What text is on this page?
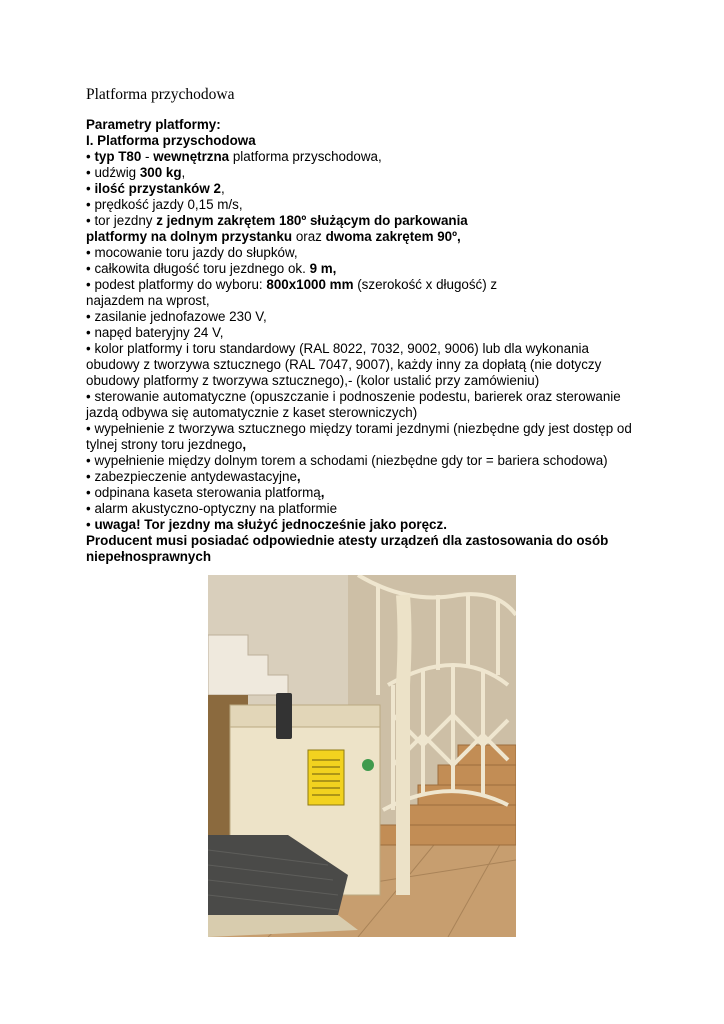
Platforma przychodowa
Parametry platformy:
I. Platforma przyschodowa
• typ T80 - wewnętrzna platforma przyschodowa,
• udźwig 300 kg,
• ilość przystanków 2,
• prędkość jazdy 0,15 m/s,
• tor jezdny z jednym zakrętem 180º służącym do parkowania
platformy na dolnym przystanku oraz dwoma zakrętem 90º,
• mocowanie toru jazdy do słupków,
• całkowita długość toru jezdnego ok. 9 m,
• podest platformy do wyboru: 800x1000 mm (szerokość x długość) z
najazdem na wprost,
• zasilanie jednofazowe 230 V,
• napęd bateryjny 24 V,
• kolor platformy i toru standardowy (RAL 8022, 7032, 9002, 9006) lub dla wykonania obudowy z tworzywa sztucznego (RAL 7047, 9007), każdy inny za dopłatą (nie dotyczy obudowy platformy z tworzywa sztucznego),- (kolor ustalić przy zamówieniu)
• sterowanie automatyczne (opuszczanie i podnoszenie podestu, barierek oraz sterowanie jazdą odbywa się automatycznie z kaset sterowniczych)
• wypełnienie z tworzywa sztucznego między torami jezdnymi (niezbędne gdy jest dostęp od tylnej strony toru jezdnego,
• wypełnienie między dolnym torem a schodami (niezbędne gdy tor = bariera schodowa)
• zabezpieczenie antydewastacyjne,
• odpinana kaseta sterowania platformą,
• alarm akustyczno-optyczny na platformie
• uwaga! Tor jezdny ma służyć jednocześnie jako poręcz.
Producent musi posiadać odpowiednie atesty urządzeń dla zastosowania do osób niepełnosprawnych
